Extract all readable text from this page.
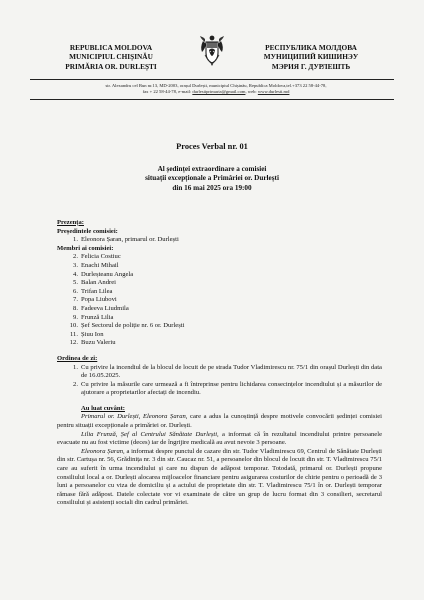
REPUBLICA MOLDOVA
MUNICIPIUL CHIȘINĂU
PRIMĂRIA OR. DURLEȘTI
РЕСПУБЛИКА МОЛДОВА
МУНИЦИПИЙ КИШИНЭУ
МЭРИЯ Г. ДУРЛЕШТЬ
str. Alexandru cel Bun nr.13, MD-2003, orașul Durlești, municipiul Chișinău, Republica Moldova,tel.+373 22 58-44-78,
fax + 22 58-44-78, e-mail: durlestiprimaria@gmail.com, web: www.durlesti.md
Proces Verbal nr. 01
Al ședinței extraordinare a comisiei
situații excepționale a Primăriei or. Durlești
din 16 mai 2025 ora 19:00
Prezența:
Președintele comisiei:
1. Eleonora Șaran, primarul or. Durlești
Membri ai comisiei:
2. Felicia Costiuc
3. Enachi Mihail
4. Durleșteanu Angela
5. Balan Andrei
6. Trifan Lilea
7. Popa Liubovi
8. Fadeeva Liudmila
9. Frunză Lilia
10. Șef Sectorul de poliție nr. 6 or. Durlești
11. Șiuu Ion
12. Buzu Valeriu
Ordinea de zi:
1. Cu privire la incendiul de la blocul de locuit de pe strada Tudor Vladimirescu nr. 75/1 din orașul Durlești din data de 16.05.2025.
2. Cu privire la măsurile care urmează a fi întreprinse pentru lichidarea consecințelor incendiului și a măsurilor de ajutorare a proprietarilor afectați de incendiu.
Au luat cuvânt:

Primarul or. Durlești, Eleonora Șaran, care a adus la cunoștință despre motivele convocării ședinței comisiei pentru situații excepționale a primăriei or. Durlești.

Lilia Frunză, Șef al Centrului Sănătate Durlești, a informat că în rezultatul incendiului printre persoanele evacuate nu au fost victime (deces) iar de îngrijire medicală au avut nevoie 3 persoane.

Eleonora Șaran, a informat despre punctul de cazare din str. Tudor Vladimirescu 69, Centrul de Sănătate Durlești din str. Cartușa nr. 56, Grădinița nr. 3 din str. Caucaz nr. 51, a persoanelor din blocul de locuit din str. T. Vladimirescu 75/1 care au suferit în urma incendiului și care nu dispun de adăpost temporar. Totodată, primarul or. Durlești propune consiliului local a or. Durlești alocarea mijloacelor financiare pentru asigurarea costurilor de chirie pentru o perioadă de 3 luni a persoanelor cu viza de domiciliu și a actului de proprietate din str. T. Vladimirescu 75/1 în or. Durlești temporar rămase fără adăpost. Datele colectate vor vi examinate de către un grup de lucru format din 3 consilieri, secretarul consiliului și asistenți sociali din cadrul primăriei.
